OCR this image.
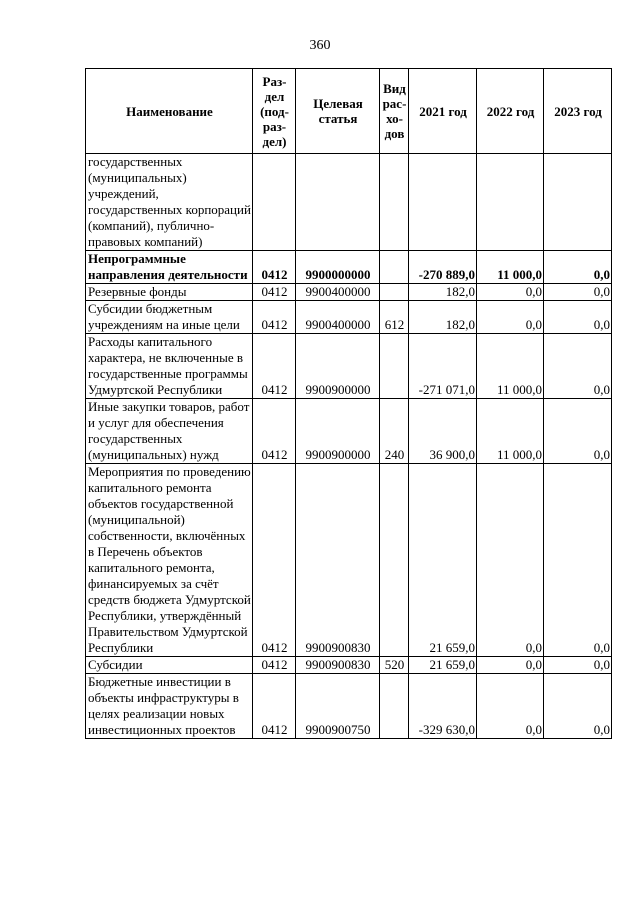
360
Наименование	Раз-дел (под-раз-дел)	Целевая статья	Вид рас-хо-дов	2021 год	2022 год	2023 год
государственных (муниципальных) учреждений, государственных корпораций (компаний), публично-правовых компаний)						
Непрограммные направления деятельности	0412	9900000000		-270 889,0	11 000,0	0,0
Резервные фонды	0412	9900400000		182,0	0,0	0,0
Субсидии бюджетным учреждениям на иные цели	0412	9900400000	612	182,0	0,0	0,0
Расходы капитального характера, не включенные в государственные программы Удмуртской Республики	0412	9900900000		-271 071,0	11 000,0	0,0
Иные закупки товаров, работ и услуг для обеспечения государственных (муниципальных) нужд	0412	9900900000	240	36 900,0	11 000,0	0,0
Мероприятия по проведению капитального ремонта объектов государственной (муниципальной) собственности, включённых в Перечень объектов капитального ремонта, финансируемых за счёт средств бюджета Удмуртской Республики, утверждённый Правительством Удмуртской Республики	0412	9900900830		21 659,0	0,0	0,0
Субсидии	0412	9900900830	520	21 659,0	0,0	0,0
Бюджетные инвестиции в объекты инфраструктуры в целях реализации новых инвестиционных проектов	0412	9900900750		-329 630,0	0,0	0,0
